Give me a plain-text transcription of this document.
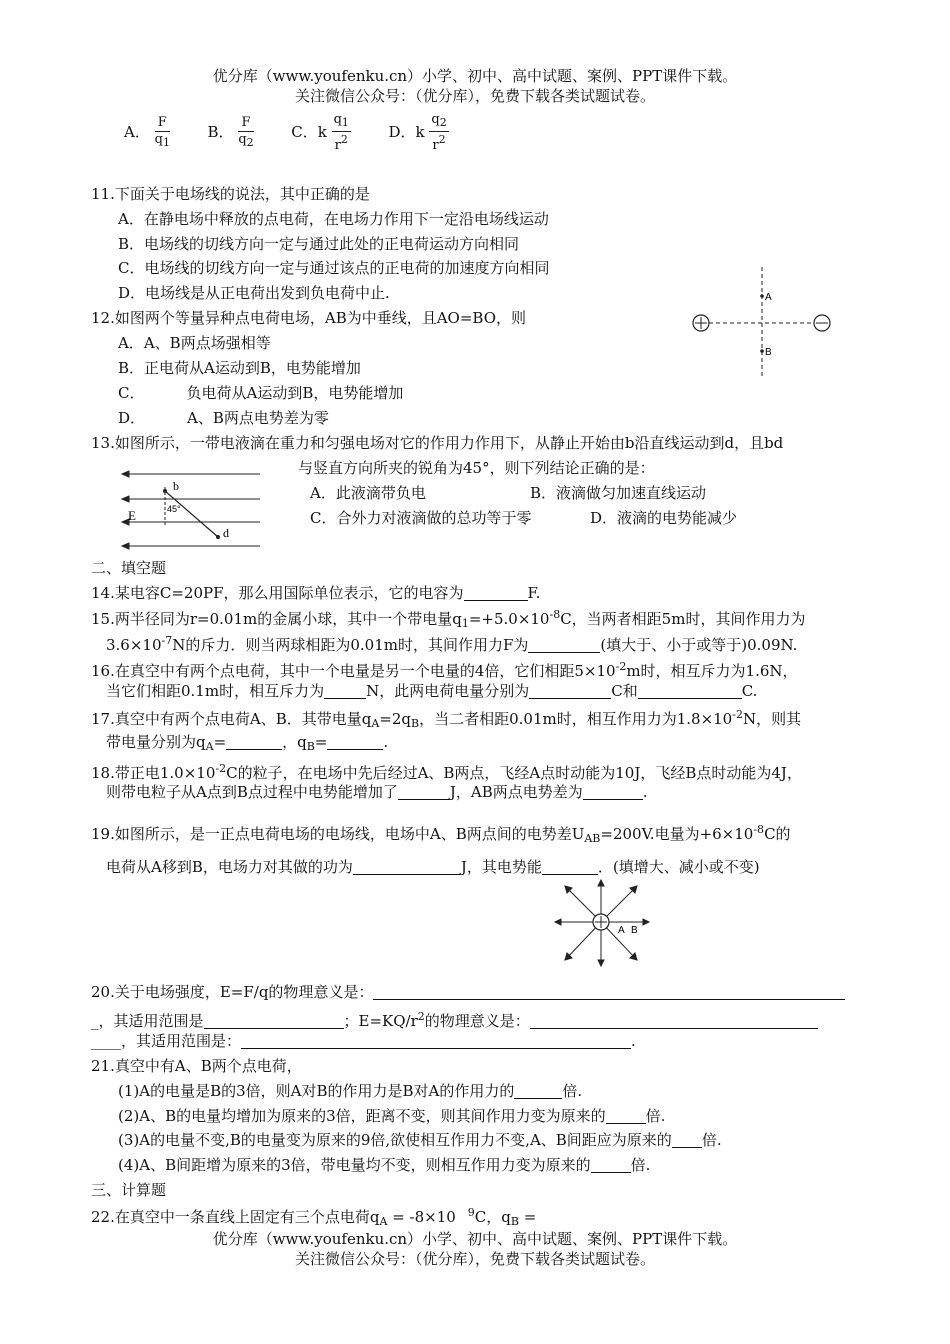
优分库（www.youfenku.cn）小学、初中、高中试题、案例、PPT课件下载。
关注微信公众号：（优分库），免费下载各类试题试卷。
A． $\frac{F}{q_1}$	B． $\frac{F}{q_2}$	C．k $\frac{q_1}{r^2}$	D．k $\frac{q_2}{r^2}$
11.下面关于电场线的说法，其中正确的是
A．在静电场中释放的点电荷，在电场力作用下一定沿电场线运动
B．电场线的切线方向一定与通过此处的正电荷运动方向相同
C．电场线的切线方向一定与通过该点的正电荷的加速度方向相同
D．电场线是从正电荷出发到负电荷中止.
12.如图两个等量异种点电荷电场，AB为中垂线，且AO=BO，则
A．A、B两点场强相等
B．正电荷从A运动到B，电势能增加
C．	负电荷从A运动到B，电势能增加
D．	A、B两点电势差为零
A
B
13.如图所示，一带电液滴在重力和匀强电场对它的作用力作用下，从静止开始由b沿直线运动到d，且bd
与竖直方向所夹的锐角为45°，则下列结论正确的是：
A．此液滴带负电	B．液滴做匀加速直线运动
C．合外力对液滴做的总功等于零	D．液滴的电势能减少
b
d
E	45°
二、填空题
14.某电容C=20PF，那么用国际单位表示，它的电容为	F.
15.两半径同为r=0.01m的金属小球，其中一个带电量$q_1=+5.0\times 10^{-8}C$，当两者相距5m时，其间作用力为
$3.6\times 10^{-7}N$的斥力．则当两球相距为0.01m时，其间作用力F为	(填大于、小于或等于)0.09N.
16.在真空中有两个点电荷，其中一个电量是另一个电量的4倍，它们相距$5\times 10^{-2}m$时，相互斥力为1.6N，
当它们相距0.1m时，相互斥力为	N，此两电荷电量分别为	C和	C.
17.真空中有两个点电荷A、B．其带电量$q_A=2q_B$，当二者相距0.01m时，相互作用力为$1.8\times 10^{-2}N$，则其
带电量分别为$q_A=$	，$q_B=$	.
18.带正电$1.0\times 10^{-2}C$的粒子，在电场中先后经过A、B两点，飞经A点时动能为10J，飞经B点时动能为4J，
则带电粒子从A点到B点过程中电势能增加了	J，AB两点电势差为	.
19.如图所示，是一正点电荷电场的电场线，电场中A、B两点间的电势差$U_{AB}=200V$.电量为$+6\times 10^{-8}C$的
电荷从A移到B，电场力对其做的功为	J，其电势能	．(填增大、减小或不变)
A B
20.关于电场强度，E=F/q的物理意义是：
_，其适用范围是	；$E=KQ/r^2$的物理意义是：
____，其适用范围是：	.
21.真空中有A、B两个点电荷，
(1)A的电量是B的3倍，则A对B的作用力是B对A的作用力的	倍.
(2)A、B的电量均增加为原来的3倍，距离不变，则其间作用力变为原来的	倍.
(3)A的电量不变,B的电量变为原来的9倍,欲使相互作用力不变,A、B间距应为原来的 倍.
(4)A、B间距增为原来的3倍，带电量均不变，则相互作用力变为原来的	倍.
三、计算题
22.在真空中一条直线上固定有三个点电荷$q_A = -8\times 10$ $^9$C，$q_B$ =
优分库（www.youfenku.cn）小学、初中、高中试题、案例、PPT课件下载。
关注微信公众号：（优分库），免费下载各类试题试卷。
